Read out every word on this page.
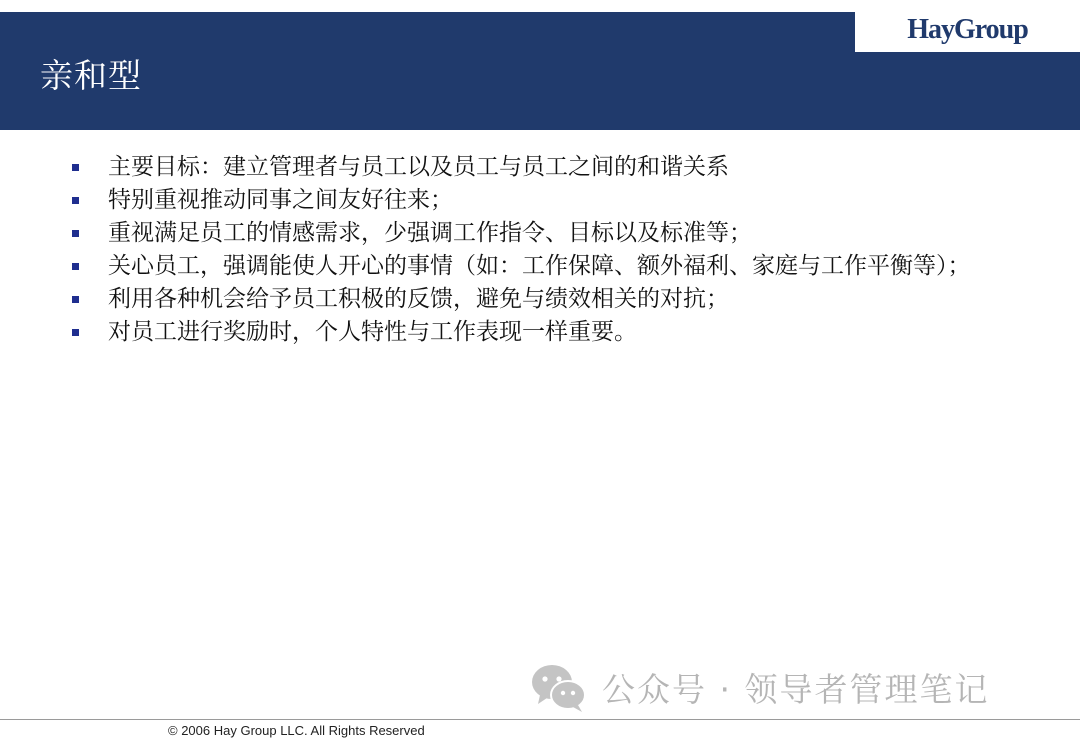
亲和型
HayGroup
主要目标：建立管理者与员工以及员工与员工之间的和谐关系
特别重视推动同事之间友好往来；
重视满足员工的情感需求，少强调工作指令、目标以及标准等；
关心员工，强调能使人开心的事情（如：工作保障、额外福利、家庭与工作平衡等）；
利用各种机会给予员工积极的反馈，避免与绩效相关的对抗；
对员工进行奖励时，个人特性与工作表现一样重要。
公众号 · 领导者管理笔记
© 2006 Hay Group LLC. All Rights Reserved
